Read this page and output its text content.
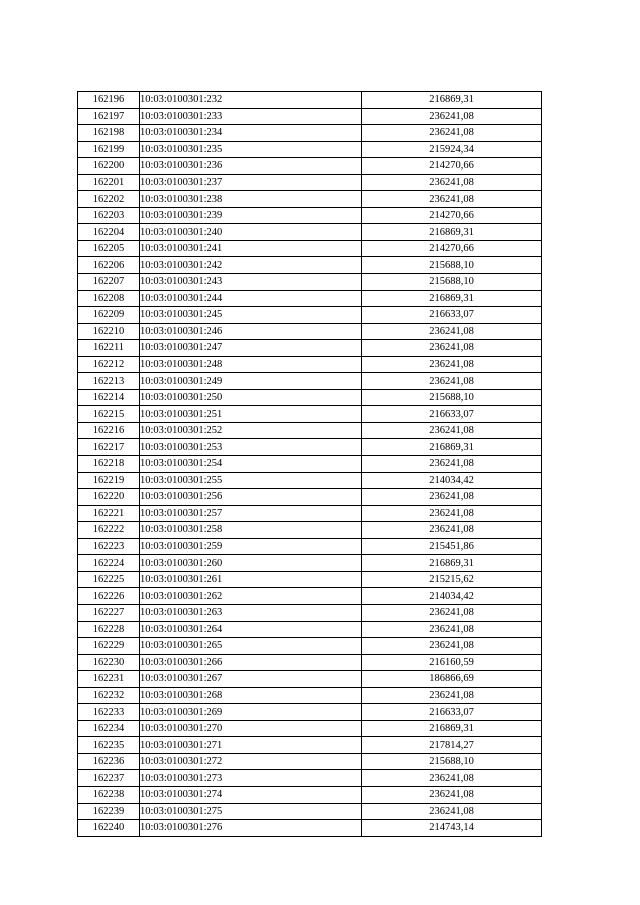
162196	10:03:0100301:232	216869,31
162197	10:03:0100301:233	236241,08
162198	10:03:0100301:234	236241,08
162199	10:03:0100301:235	215924,34
162200	10:03:0100301:236	214270,66
162201	10:03:0100301:237	236241,08
162202	10:03:0100301:238	236241,08
162203	10:03:0100301:239	214270,66
162204	10:03:0100301:240	216869,31
162205	10:03:0100301:241	214270,66
162206	10:03:0100301:242	215688,10
162207	10:03:0100301:243	215688,10
162208	10:03:0100301:244	216869,31
162209	10:03:0100301:245	216633,07
162210	10:03:0100301:246	236241,08
162211	10:03:0100301:247	236241,08
162212	10:03:0100301:248	236241,08
162213	10:03:0100301:249	236241,08
162214	10:03:0100301:250	215688,10
162215	10:03:0100301:251	216633,07
162216	10:03:0100301:252	236241,08
162217	10:03:0100301:253	216869,31
162218	10:03:0100301:254	236241,08
162219	10:03:0100301:255	214034,42
162220	10:03:0100301:256	236241,08
162221	10:03:0100301:257	236241,08
162222	10:03:0100301:258	236241,08
162223	10:03:0100301:259	215451,86
162224	10:03:0100301:260	216869,31
162225	10:03:0100301:261	215215,62
162226	10:03:0100301:262	214034,42
162227	10:03:0100301:263	236241,08
162228	10:03:0100301:264	236241,08
162229	10:03:0100301:265	236241,08
162230	10:03:0100301:266	216160,59
162231	10:03:0100301:267	186866,69
162232	10:03:0100301:268	236241,08
162233	10:03:0100301:269	216633,07
162234	10:03:0100301:270	216869,31
162235	10:03:0100301:271	217814,27
162236	10:03:0100301:272	215688,10
162237	10:03:0100301:273	236241,08
162238	10:03:0100301:274	236241,08
162239	10:03:0100301:275	236241,08
162240	10:03:0100301:276	214743,14
